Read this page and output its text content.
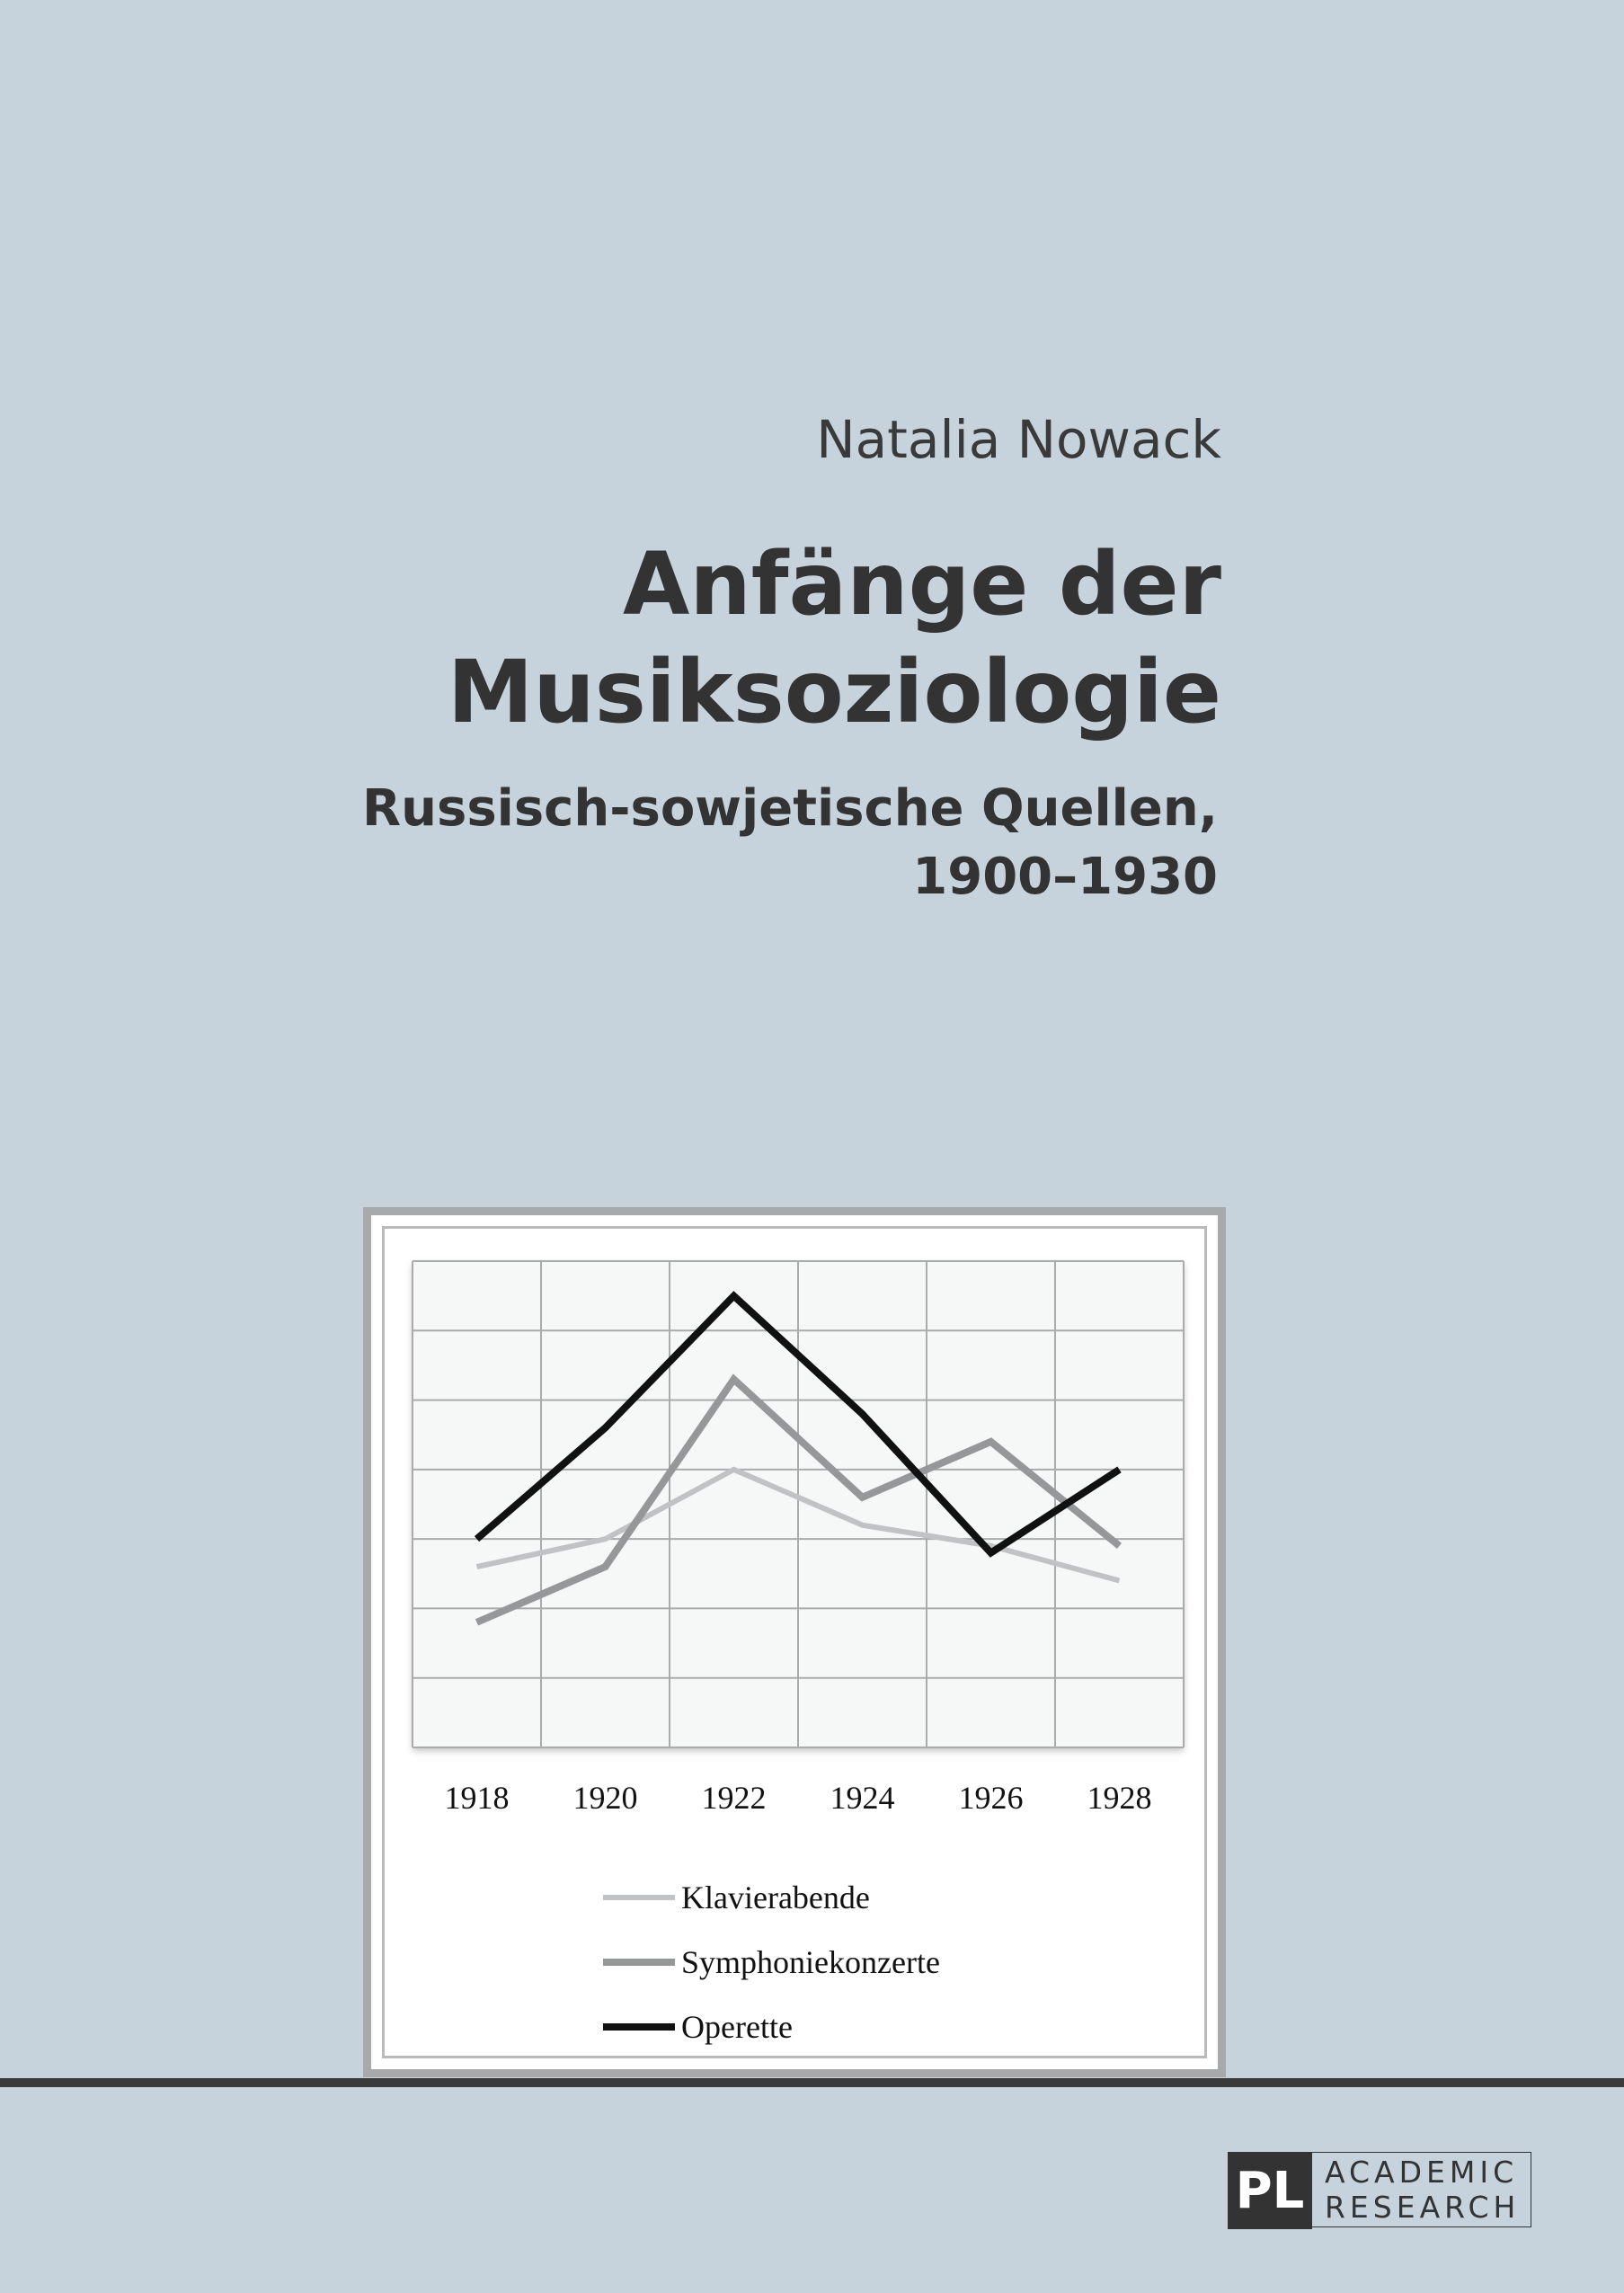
Natalia Nowack
Anfänge der
Musiksoziologie
Russisch-sowjetische Quellen,
1900–1930
1918 1920 1922 1924 1926 1928
Klavierabende
Symphoniekonzerte
Operette
PL ACADEMIC
RESEARCH
